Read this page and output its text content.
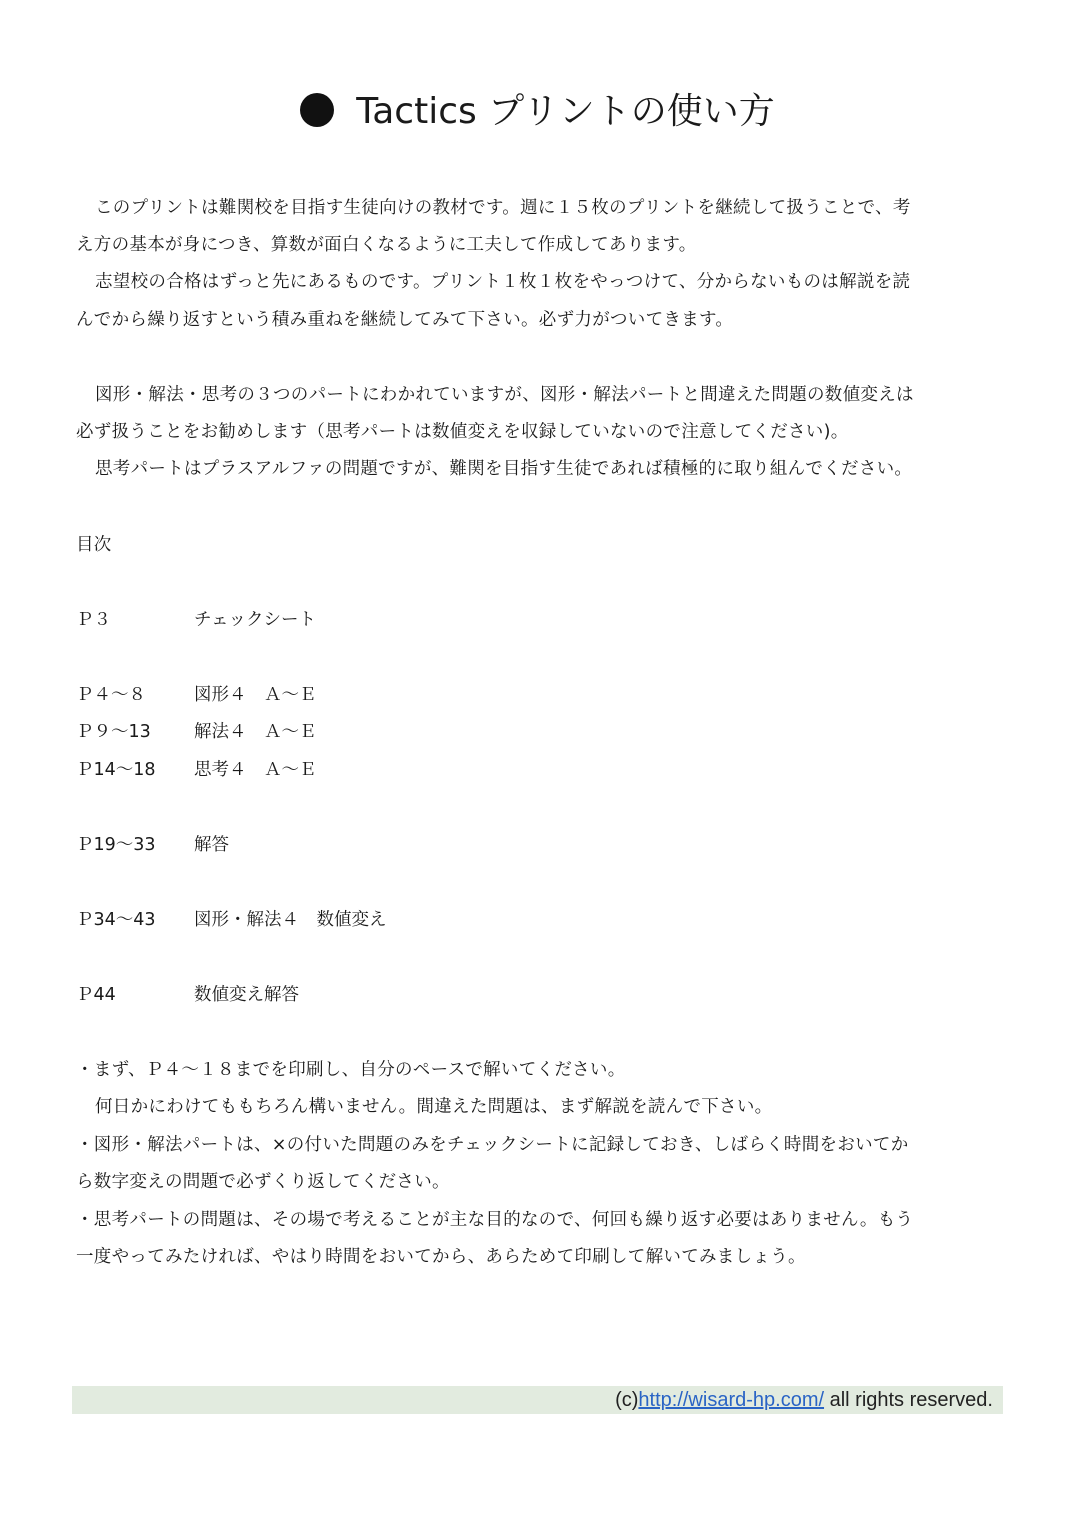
Tactics プリントの使い方
このプリントは難関校を目指す生徒向けの教材です。週に１５枚のプリントを継続して扱うことで、考
え方の基本が身につき、算数が面白くなるように工夫して作成してあります。
志望校の合格はずっと先にあるものです。プリント１枚１枚をやっつけて、分からないものは解説を読
んでから繰り返すという積み重ねを継続してみて下さい。必ず力がついてきます。
図形・解法・思考の３つのパートにわかれていますが、図形・解法パートと間違えた問題の数値変えは
必ず扱うことをお勧めします（思考パートは数値変えを収録していないので注意してください)。
思考パートはプラスアルファの問題ですが、難関を目指す生徒であれば積極的に取り組んでください。
目次
Ｐ３	チェックシート
Ｐ４～８	図形４　Ａ～Ｅ
Ｐ９～13 解法４　Ａ～Ｅ
Ｐ14～18 思考４　Ａ～Ｅ
Ｐ19～33 解答
Ｐ34～43 図形・解法４　数値変え
Ｐ44	数値変え解答
・まず、Ｐ４～１８までを印刷し、自分のペースで解いてください。
何日かにわけてももちろん構いません。間違えた問題は、まず解説を読んで下さい。
・図形・解法パートは、×の付いた問題のみをチェックシートに記録しておき、しばらく時間をおいてか
ら数字変えの問題で必ずくり返してください。
・思考パートの問題は、その場で考えることが主な目的なので、何回も繰り返す必要はありません。もう
一度やってみたければ、やはり時間をおいてから、あらためて印刷して解いてみましょう。
(c)http://wisard-hp.com/ all rights reserved.
